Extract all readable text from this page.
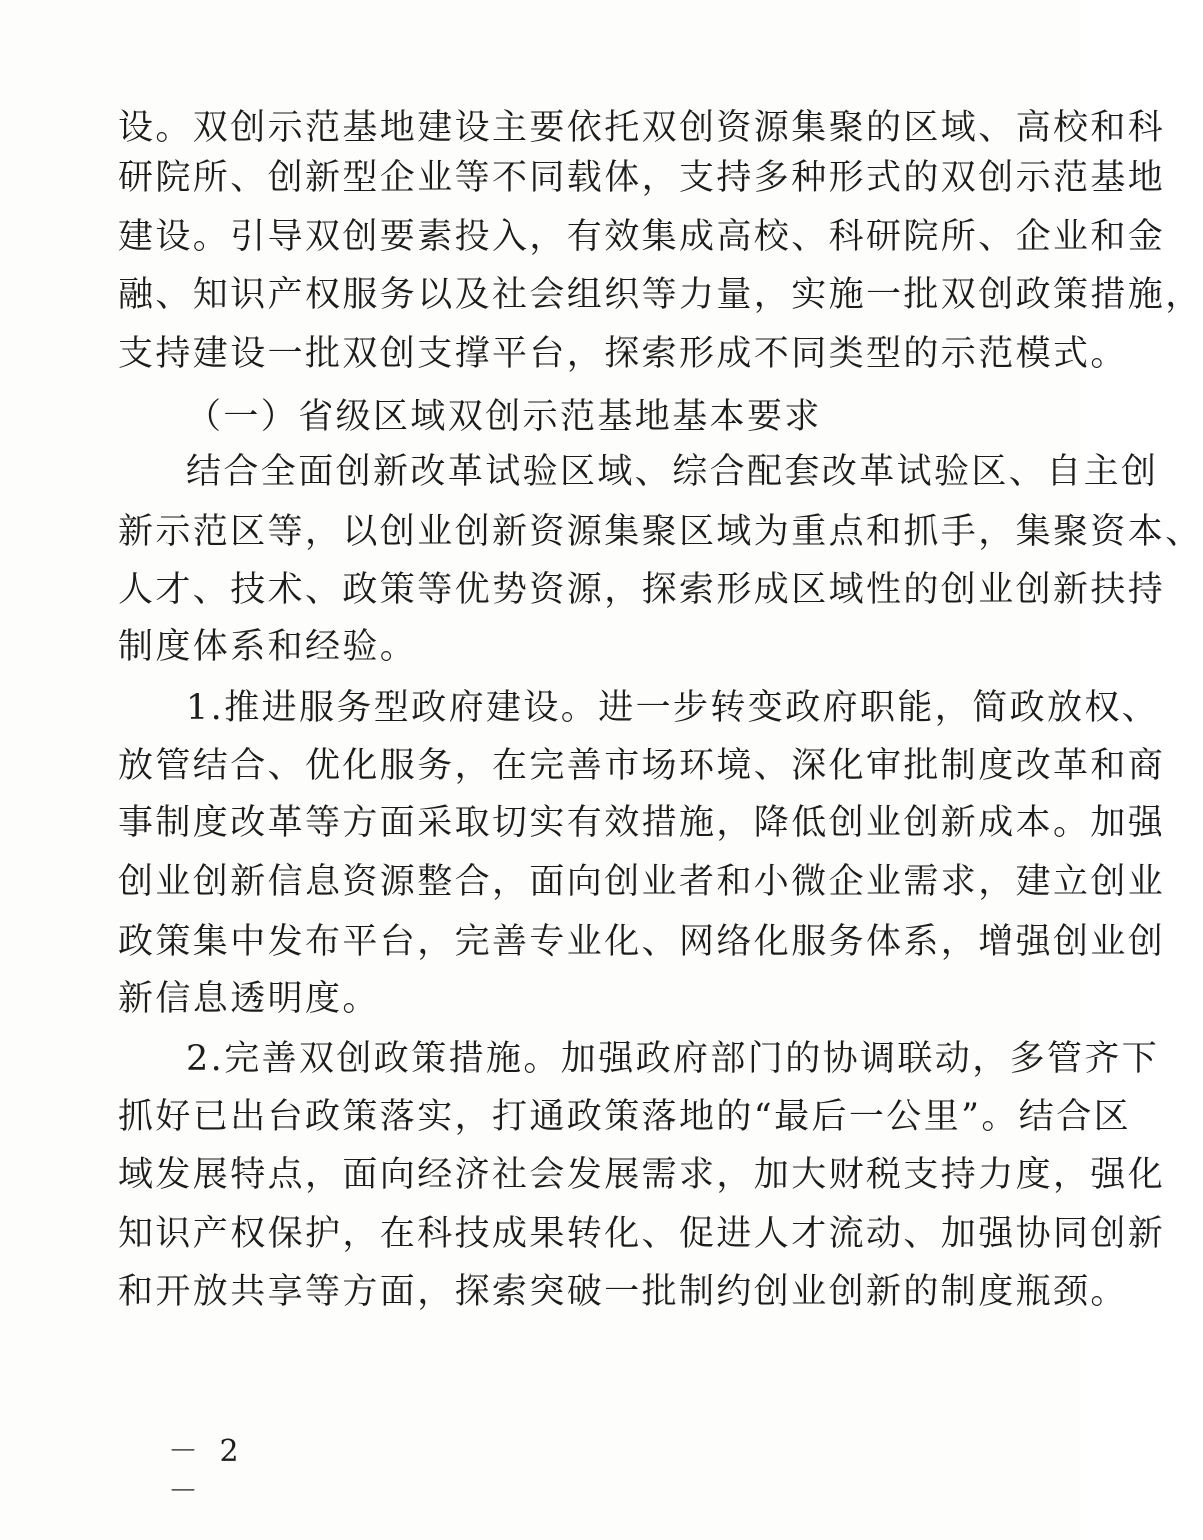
设。双创示范基地建设主要依托双创资源集聚的区域、高校和科
研院所、创新型企业等不同载体，支持多种形式的双创示范基地
建设。引导双创要素投入，有效集成高校、科研院所、企业和金
融、知识产权服务以及社会组织等力量，实施一批双创政策措施，
支持建设一批双创支撑平台，探索形成不同类型的示范模式。
（一）省级区域双创示范基地基本要求
结合全面创新改革试验区域、综合配套改革试验区、自主创
新示范区等，以创业创新资源集聚区域为重点和抓手，集聚资本、
人才、技术、政策等优势资源，探索形成区域性的创业创新扶持
制度体系和经验。
1.推进服务型政府建设。进一步转变政府职能，简政放权、
放管结合、优化服务，在完善市场环境、深化审批制度改革和商
事制度改革等方面采取切实有效措施，降低创业创新成本。加强
创业创新信息资源整合，面向创业者和小微企业需求，建立创业
政策集中发布平台，完善专业化、网络化服务体系，增强创业创
新信息透明度。
2.完善双创政策措施。加强政府部门的协调联动，多管齐下
抓好已出台政策落实，打通政策落地的“最后一公里”。结合区
域发展特点，面向经济社会发展需求，加大财税支持力度，强化
知识产权保护，在科技成果转化、促进人才流动、加强协同创新
和开放共享等方面，探索突破一批制约创业创新的制度瓶颈。
－ 2 －
